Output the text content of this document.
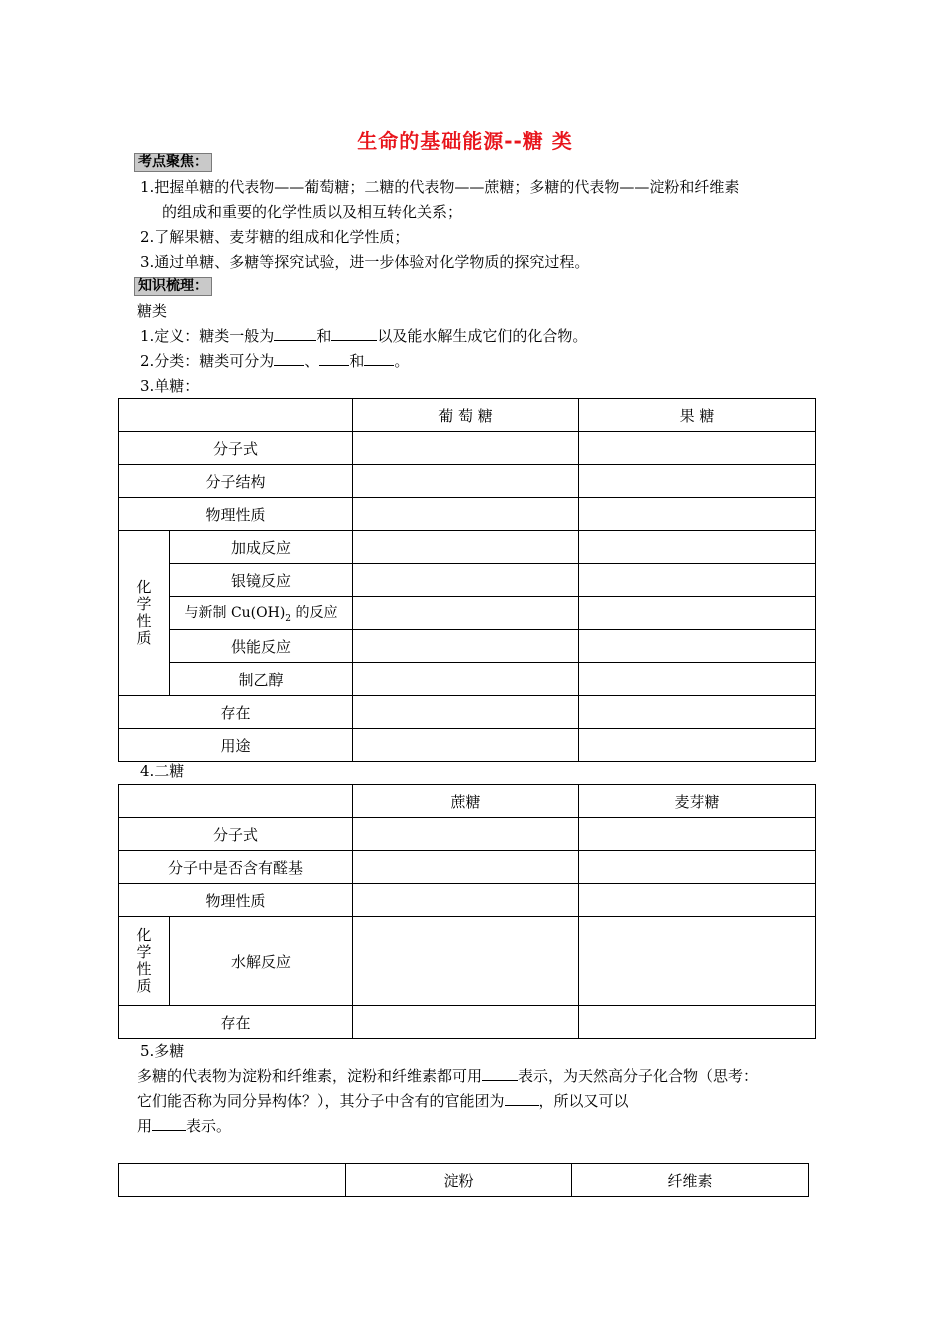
生命的基础能源--糖 类
考点聚焦：
1.把握单糖的代表物——葡萄糖；二糖的代表物——蔗糖；多糖的代表物——淀粉和纤维素
的组成和重要的化学性质以及相互转化关系；
2.了解果糖、麦芽糖的组成和化学性质；
3.通过单糖、多糖等探究试验，进一步体验对化学物质的探究过程。
知识梳理：
糖类
1.定义：糖类一般为	和	以及能水解生成它们的化合物。
2.分类：糖类可分为 、 和 。
3.单糖：
		葡 萄 糖	果 糖
分子式			
分子结构			
物理性质			

化学性质	加成反应		
	银镜反应		
	与新制 $Cu(OH)_2$ 的反应		
	供能反应		
	制乙醇		
存在			
用途			
4.二糖
		蔗糖	麦芽糖
分子式			
分子中是否含有醛基			
物理性质			

化学性质	水解反应		
存在			
5.多糖
多糖的代表物为淀粉和纤维素，淀粉和纤维素都可用 表示，为天然高分子化合物（思考：
它们能否称为同分异构体？），其分子中含有的官能团为 ，所以又可以
用 表示。
	淀粉	纤维素
